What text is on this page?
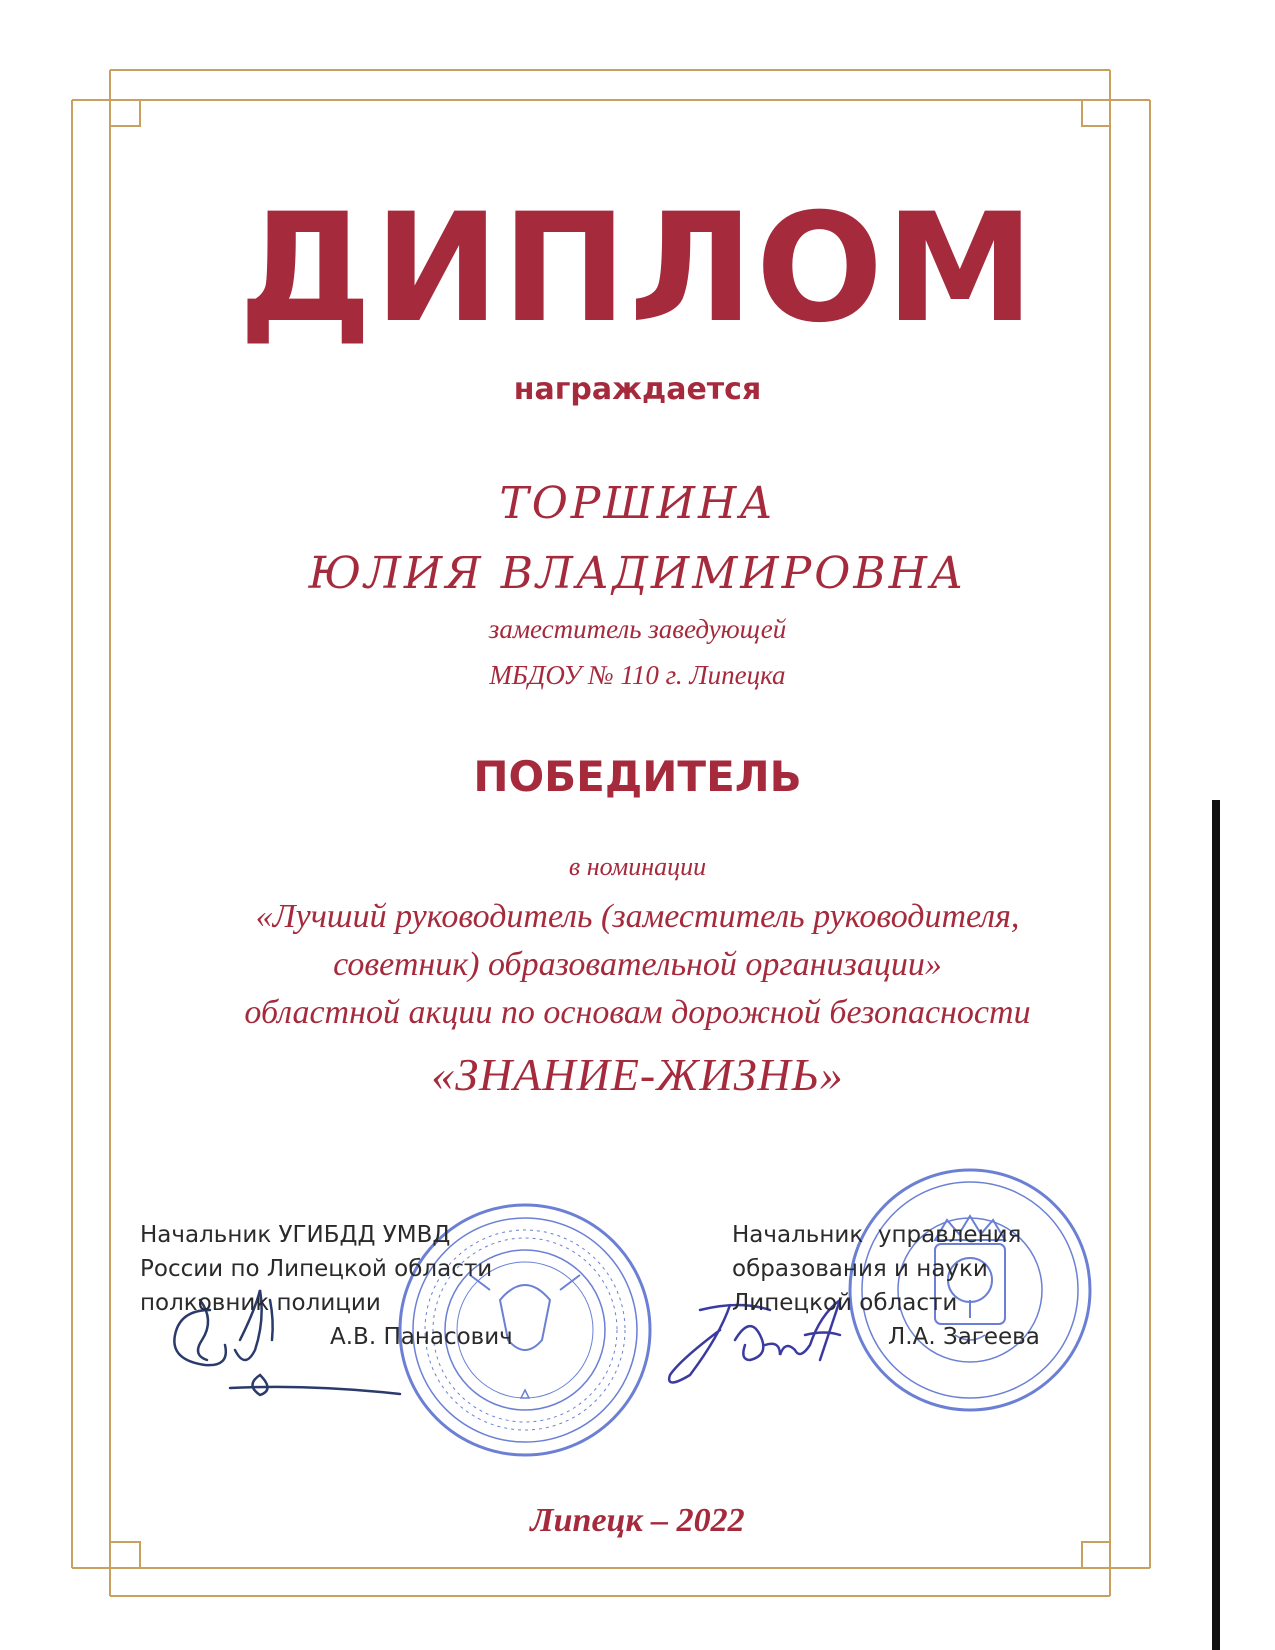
ДИПЛОМ
награждается
ТОРШИНА
ЮЛИЯ ВЛАДИМИРОВНА
заместитель заведующей
МБДОУ № 110 г. Липецка
ПОБЕДИТЕЛЬ
в номинации
«Лучший руководитель (заместитель руководителя,
советник) образовательной организации»
областной акции по основам дорожной безопасности
«ЗНАНИЕ-ЖИЗНЬ»
Начальник УГИБДД УМВД
России по Липецкой области
полковник полиции
А.В. Панасович
Начальник  управления
образования и науки
Липецкой области
Л.А. Загеева
Липецк – 2022
